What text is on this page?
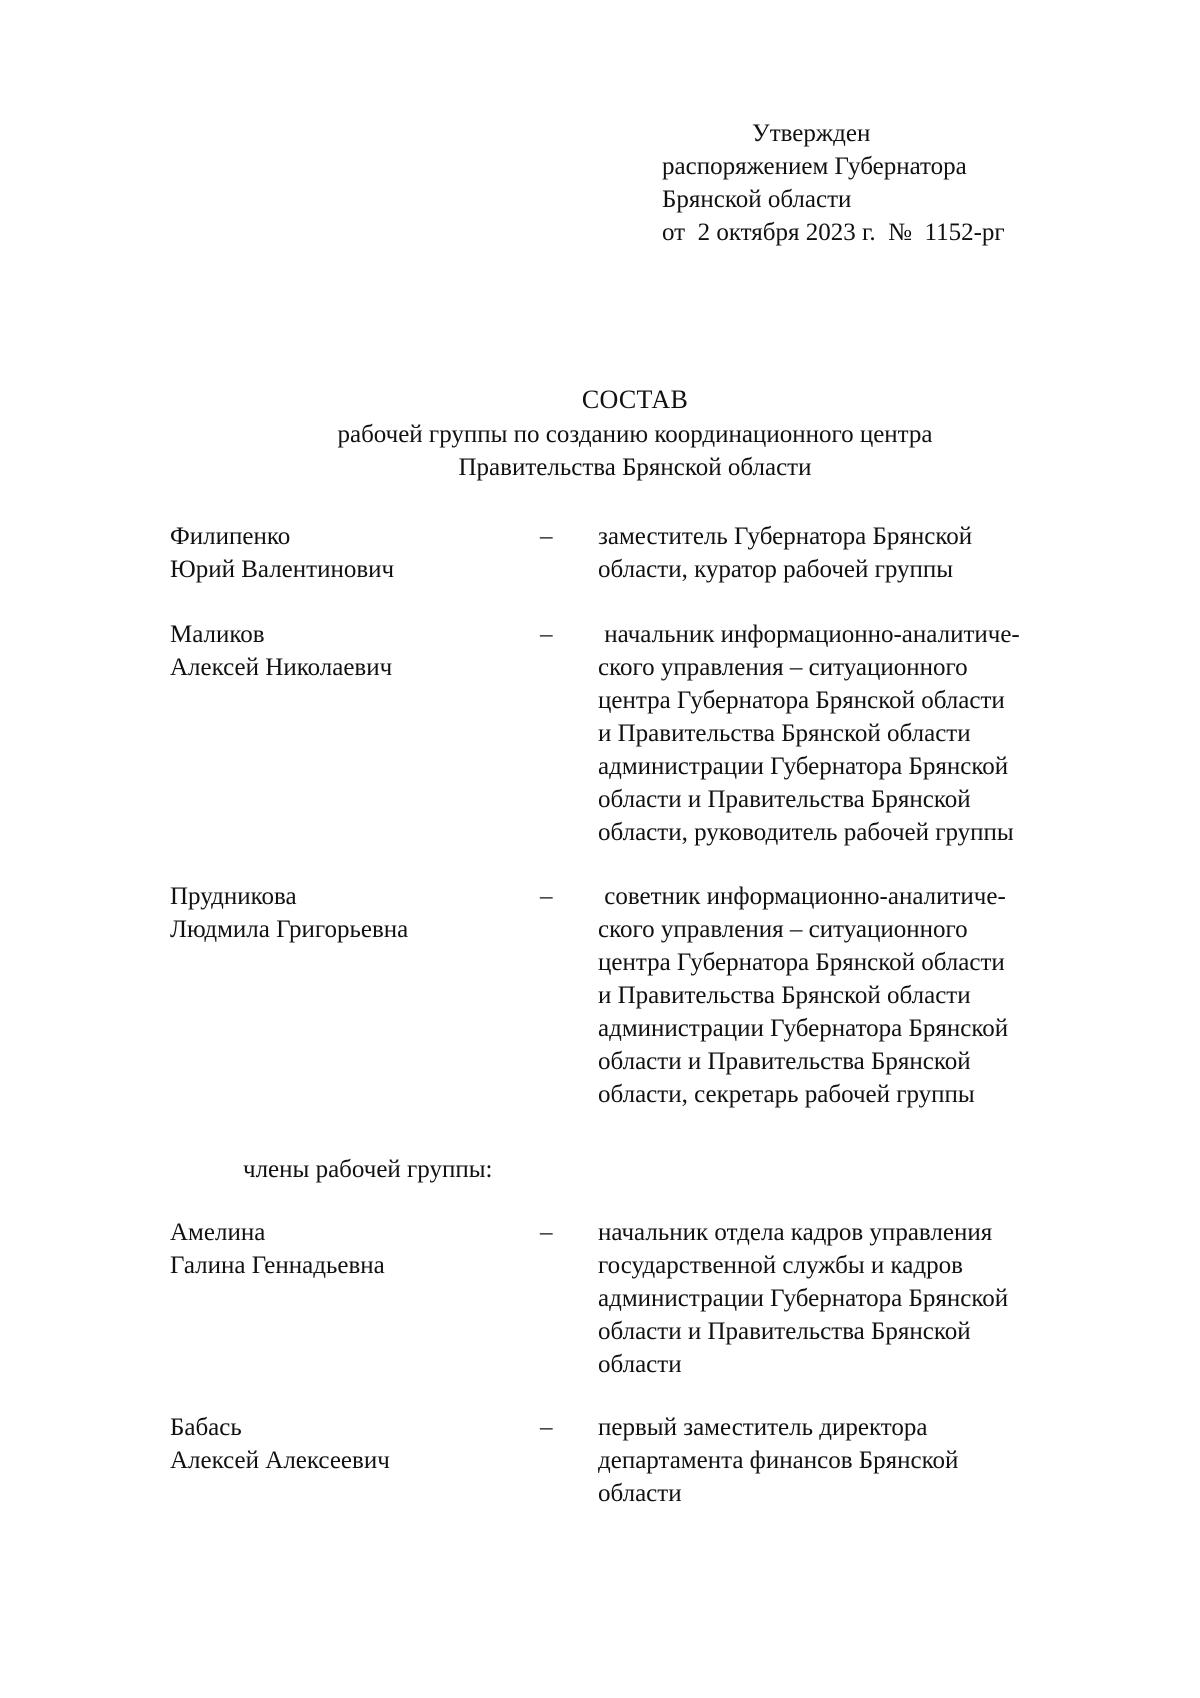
Утвержден
распоряжением Губернатора
Брянской области
от  2 октября 2023 г.  №  1152-рг
СОСТАВ
рабочей группы по созданию координационного центра
Правительства Брянской области
Филипенко
Юрий Валентинович
– заместитель Губернатора Брянской
области, куратор рабочей группы
Маликов
Алексей Николаевич
– начальник информационно-аналитиче-
ского управления – ситуационного
центра Губернатора Брянской области
и Правительства Брянской области
администрации Губернатора Брянской
области и Правительства Брянской
области, руководитель рабочей группы
Прудникова
Людмила Григорьевна
– советник информационно-аналитиче-
ского управления – ситуационного
центра Губернатора Брянской области
и Правительства Брянской области
администрации Губернатора Брянской
области и Правительства Брянской
области, секретарь рабочей группы
члены рабочей группы:
Амелина
Галина Геннадьевна
– начальник отдела кадров управления
государственной службы и кадров
администрации Губернатора Брянской
области и Правительства Брянской
области
Бабась
Алексей Алексеевич
– первый заместитель директора
департамента финансов Брянской
области
